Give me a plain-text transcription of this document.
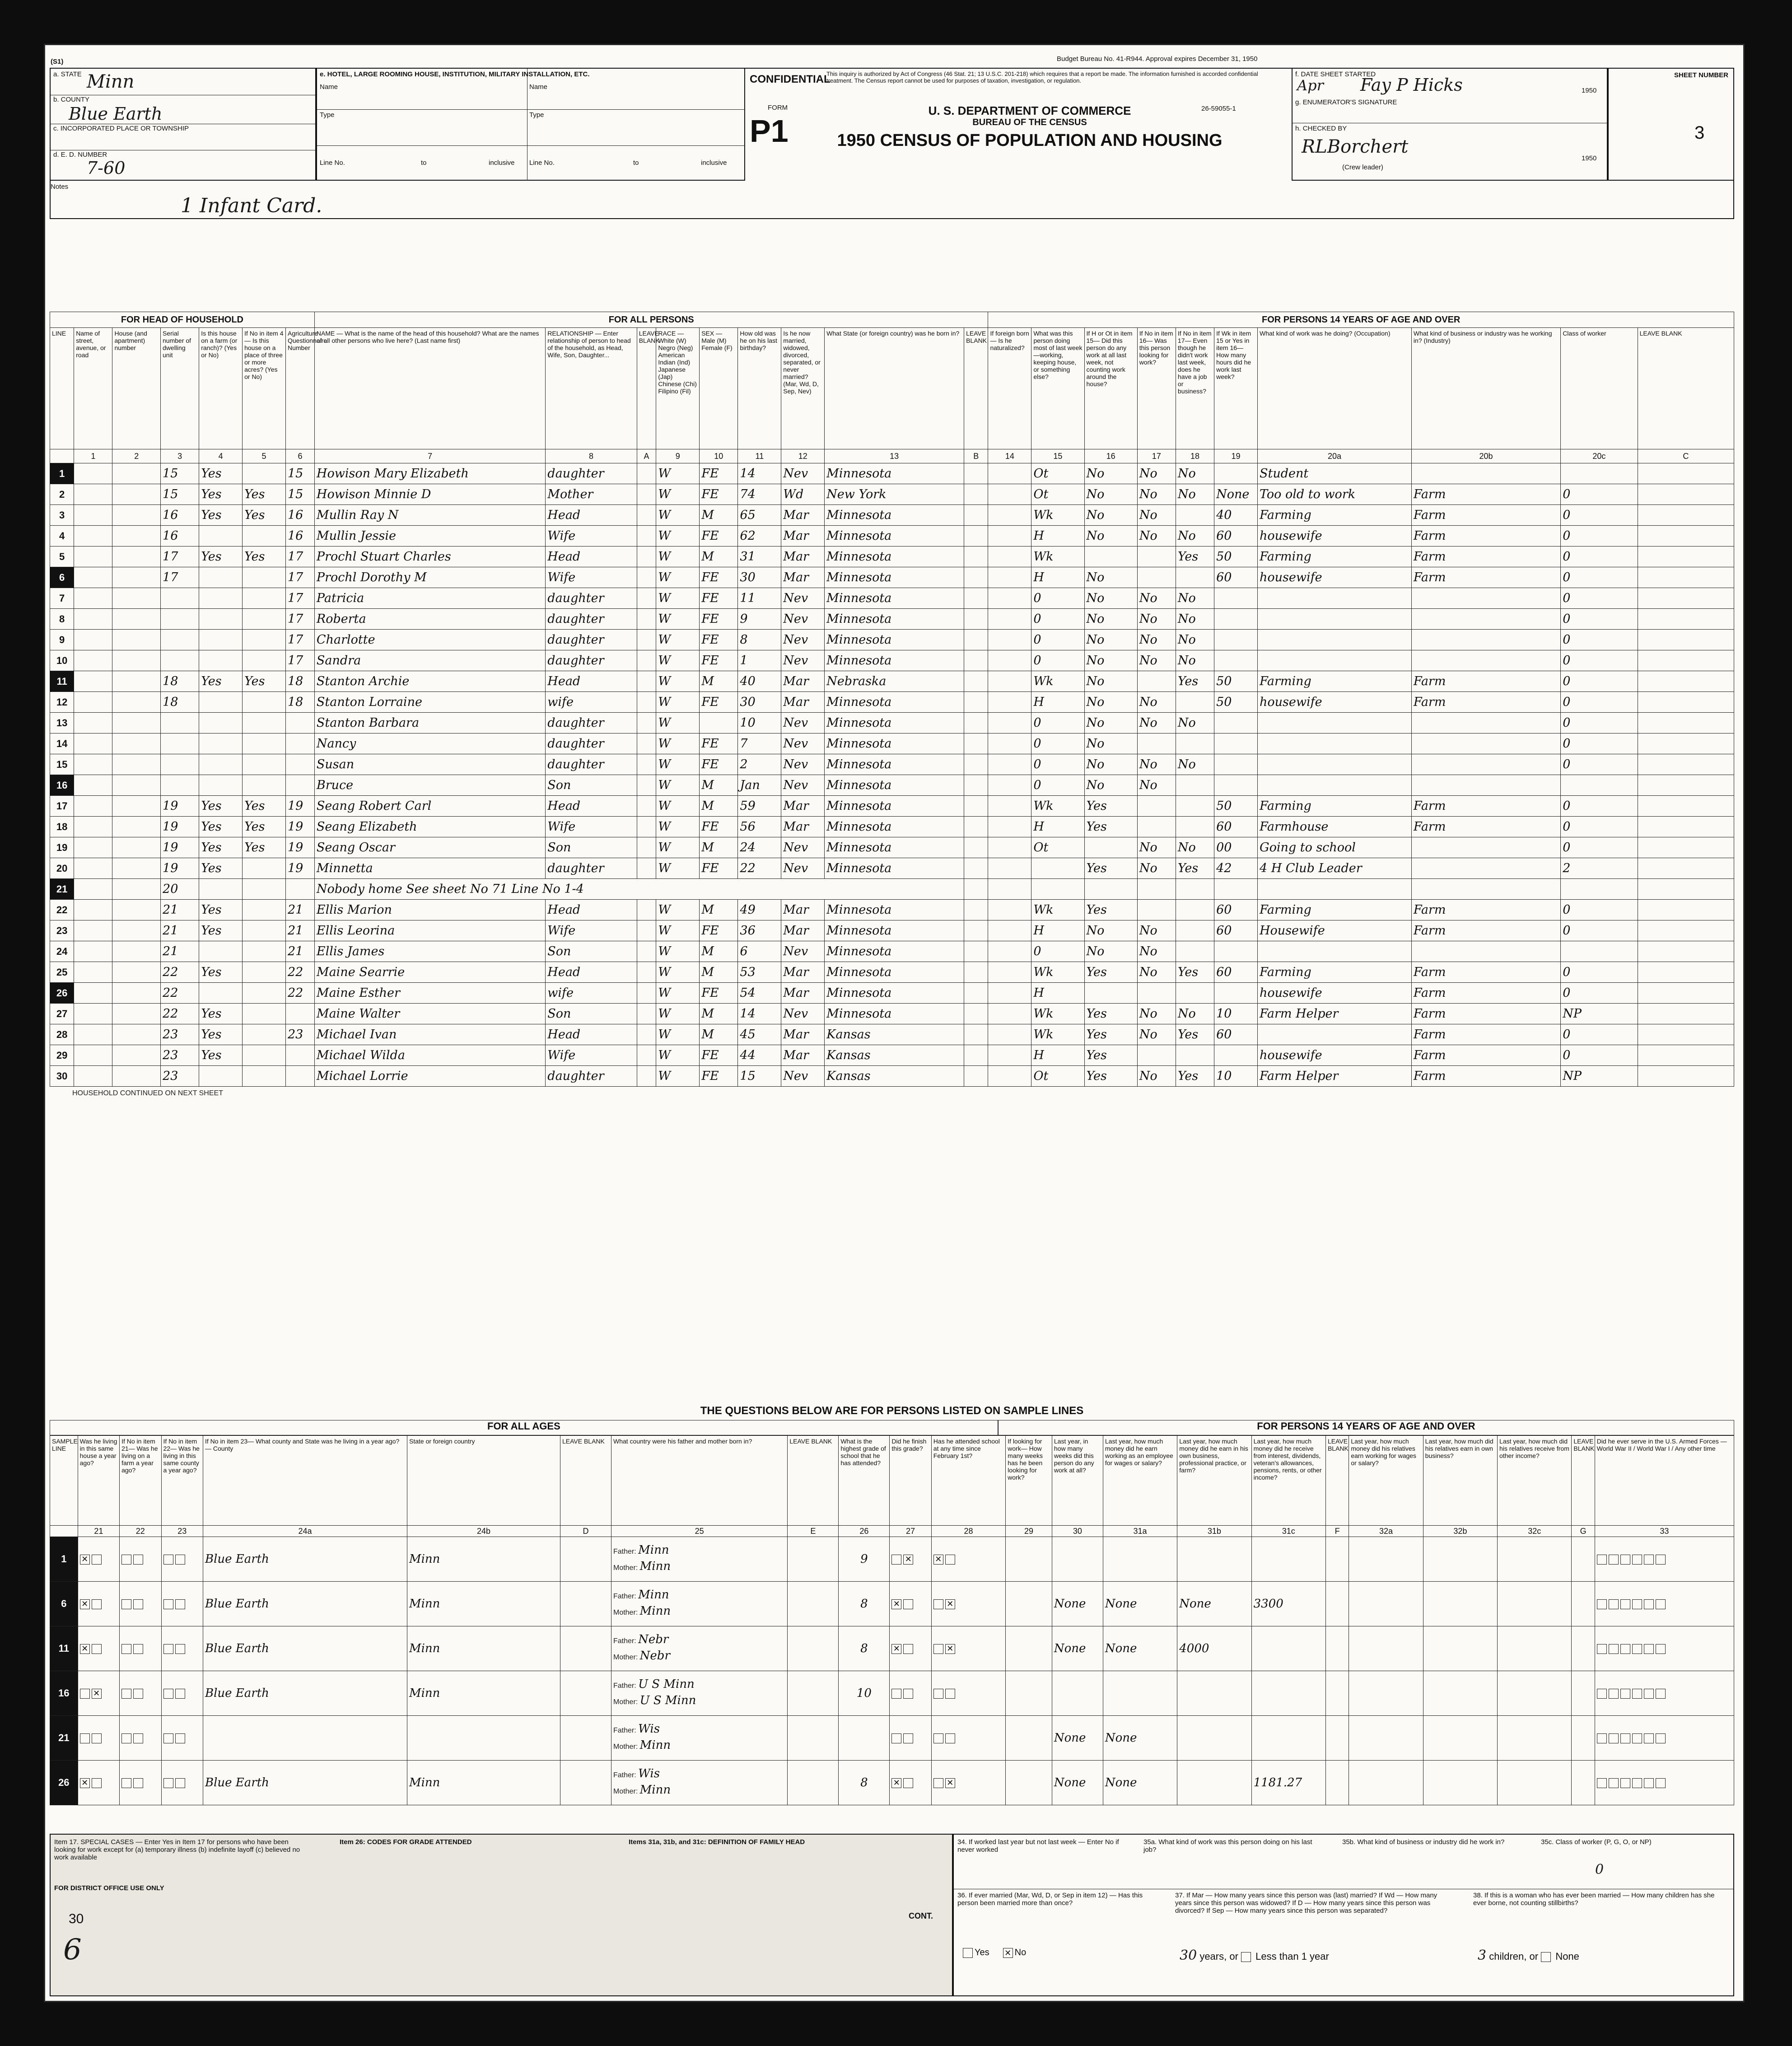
Budget Bureau No. 41-R944. Approval expires December 31, 1950
(S1)
a. STATE Minn
b. COUNTY
Blue Earth
c. INCORPORATED PLACE OR TOWNSHIP
d. E. D. NUMBER
7-60
e. HOTEL, LARGE ROOMING HOUSE, INSTITUTION, MILITARY INSTALLATION, ETC.
Name	Name
Type	Type
Line No.	to	inclusive Line No.	to	inclusive
CONFIDENTIAL
This inquiry is authorized by Act of Congress (46 Stat. 21; 13 U.S.C. 201-218) which requires that a report be made. The information furnished is accorded confidential treatment. The Census report cannot be used for purposes of taxation, investigation, or regulation.
FORM
P1
U. S. DEPARTMENT OF COMMERCE
BUREAU OF THE CENSUS
1950 CENSUS OF POPULATION AND HOUSING
26-59055-1
f. DATE SHEET STARTED
Apr	1950
g. ENUMERATOR'S SIGNATURE
Fay P Hicks
h. CHECKED BY
RLBorchert
1950
(Crew leader)
SHEET NUMBER
3
Notes
1 Infant Card.
FOR HEAD OF HOUSEHOLD							FOR ALL PERSONS									FOR PERSONS 14 YEARS OF AGE AND OVER									
LINE	Name of street, avenue, or road	House (and apartment) number	Serial number of dwelling unit	Is this house on a farm (or ranch)? (Yes or No)	If No in item 4— Is this house on a place of three or more acres? (Yes or No)	Agriculture Questionnaire Number	NAME — What is the name of the head of this household? What are the names of all other persons who live here? (Last name first)	RELATIONSHIP — Enter relationship of person to head of the household, as Head, Wife, Son, Daughter...	LEAVE BLANK	RACE — White (W) Negro (Neg) American Indian (Ind) Japanese (Jap) Chinese (Chi) Filipino (Fil)	SEX — Male (M) Female (F)	How old was he on his last birthday?	Is he now married, widowed, divorced, separated, or never married? (Mar, Wd, D, Sep, Nev)	What State (or foreign country) was he born in?	LEAVE BLANK	If foreign born — Is he naturalized?	What was this person doing most of last week—working, keeping house, or something else?	If H or Ot in item 15— Did this person do any work at all last week, not counting work around the house?	If No in item 16— Was this person looking for work?	If No in item 17— Even though he didn't work last week, does he have a job or business?	If Wk in item 15 or Yes in item 16— How many hours did he work last week?	What kind of work was he doing? (Occupation)	What kind of business or industry was he working in? (Industry)	Class of worker	LEAVE BLANK
	1	2	3	4	5	6	7	8	A	9	10	11	12	13	B	14	15	16	17	18	19	20a	20b	20c	C
1			15	Yes		15	Howison Mary Elizabeth	daughter		W	FE	14	Nev	Minnesota			Ot	No	No	No		Student			
2			15	Yes	Yes	15	Howison Minnie D	Mother		W	FE	74	Wd	New York			Ot	No	No	No	None	Too old to work	Farm	0	
3			16	Yes	Yes	16	Mullin Ray N	Head		W	M	65	Mar	Minnesota			Wk	No	No		40	Farming	Farm	0	
4			16			16	Mullin Jessie	Wife		W	FE	62	Mar	Minnesota			H	No	No	No	60	housewife	Farm	0	
5			17	Yes	Yes	17	Prochl Stuart Charles	Head		W	M	31	Mar	Minnesota			Wk			Yes	50	Farming	Farm	0	
6			17			17	Prochl Dorothy M	Wife		W	FE	30	Mar	Minnesota			H	No			60	housewife	Farm	0	
7						17	Patricia	daughter		W	FE	11	Nev	Minnesota			0	No	No	No				0	
8						17	Roberta	daughter		W	FE	9	Nev	Minnesota			0	No	No	No				0	
9						17	Charlotte	daughter		W	FE	8	Nev	Minnesota			0	No	No	No				0	
10						17	Sandra	daughter		W	FE	1	Nev	Minnesota			0	No	No	No				0	
11			18	Yes	Yes	18	Stanton Archie	Head		W	M	40	Mar	Nebraska			Wk	No		Yes	50	Farming	Farm	0	
12			18			18	Stanton Lorraine	wife		W	FE	30	Mar	Minnesota			H	No	No		50	housewife	Farm	0	
13							Stanton Barbara	daughter		W		10	Nev	Minnesota			0	No	No	No				0	
14							Nancy	daughter		W	FE	7	Nev	Minnesota			0	No						0	
15							Susan	daughter		W	FE	2	Nev	Minnesota			0	No	No	No				0	
16							Bruce	Son		W	M	Jan	Nev	Minnesota			0	No	No						
17			19	Yes	Yes	19	Seang Robert Carl	Head		W	M	59	Mar	Minnesota			Wk	Yes			50	Farming	Farm	0	
18			19	Yes	Yes	19	Seang Elizabeth	Wife		W	FE	56	Mar	Minnesota			H	Yes			60	Farmhouse	Farm	0	
19			19	Yes	Yes	19	Seang Oscar	Son		W	M	24	Nev	Minnesota			Ot		No	No	00	Going to school		0	
20			19	Yes		19	Minnetta	daughter		W	FE	22	Nev	Minnesota				Yes	No	Yes	42	4 H Club Leader		2	
21			20				Nobody home See sheet No 71 Line No 1-4																		
22			21	Yes		21	Ellis Marion	Head		W	M	49	Mar	Minnesota			Wk	Yes			60	Farming	Farm	0	
23			21	Yes		21	Ellis Leorina	Wife		W	FE	36	Mar	Minnesota			H	No	No		60	Housewife	Farm	0	
24			21			21	Ellis James	Son		W	M	6	Nev	Minnesota			0	No	No						
25			22	Yes		22	Maine Searrie	Head		W	M	53	Mar	Minnesota			Wk	Yes	No	Yes	60	Farming	Farm	0	
26			22			22	Maine Esther	wife		W	FE	54	Mar	Minnesota			H					housewife	Farm	0	
27			22	Yes			Maine Walter	Son		W	M	14	Nev	Minnesota			Wk	Yes	No	No	10	Farm Helper	Farm	NP	
28			23	Yes		23	Michael Ivan	Head		W	M	45	Mar	Kansas			Wk	Yes	No	Yes	60		Farm	0	
29			23	Yes			Michael Wilda	Wife		W	FE	44	Mar	Kansas			H	Yes				housewife	Farm	0	
30			23				Michael Lorrie	daughter		W	FE	15	Nev	Kansas			Ot	Yes	No	Yes	10	Farm Helper	Farm	NP	
HOUSEHOLD CONTINUED ON NEXT SHEET
THE QUESTIONS BELOW ARE FOR PERSONS LISTED ON SAMPLE LINES
FOR ALL AGES	FOR PERSONS 14 YEARS OF AGE AND OVER
SAMPLE LINE	Was he living in this same house a year ago?	If No in item 21— Was he living on a farm a year ago?	If No in item 22— Was he living in this same county a year ago?	If No in item 23— What county and State was he living in a year ago? — County	State or foreign country	LEAVE BLANK	What country were his father and mother born in?	LEAVE BLANK	What is the highest grade of school that he has attended?	Did he finish this grade?	Has he attended school at any time since February 1st?	If looking for work— How many weeks has he been looking for work?	Last year, in how many weeks did this person do any work at all?	Last year, how much money did he earn working as an employee for wages or salary?	Last year, how much money did he earn in his own business, professional practice, or farm?	Last year, how much money did he receive from interest, dividends, veteran's allowances, pensions, rents, or other income?	LEAVE BLANK	Last year, how much money did his relatives earn working for wages or salary?	Last year, how much did his relatives earn in own business?	Last year, how much did his relatives receive from other income?	LEAVE BLANK	Did he ever serve in the U.S. Armed Forces — World War II / World War I / Any other time
	21	22	23	24a	24b	D	25	E	26	27	28	29	30	31a	31b	31c	F	32a	32b	32c	G	33
1	✕			Blue Earth	Minn		Father: Minn
Mother: Minn		9	✕	✕											
6	✕			Blue Earth	Minn		Father: Minn
Mother: Minn		8	✕	✕		None	None	None	3300						
11	✕			Blue Earth	Minn		Father: Nebr
Mother: Nebr		8	✕	✕		None	None	4000							
16	✕			Blue Earth	Minn		Father: U S Minn
Mother: U S Minn		10													
21							Father: Wis
Mother: Minn						None	None								
26	✕			Blue Earth	Minn		Father: Wis
Mother: Minn		8	✕	✕		None	None		1181.27						
Item 17. SPECIAL CASES — Enter Yes in Item 17 for persons who have been looking for work except for (a) temporary illness (b) indefinite layoff (c) believed no work available
FOR DISTRICT OFFICE USE ONLY
30
Item 26: CODES FOR GRADE ATTENDED	Items 31a, 31b, and 31c: DEFINITION OF FAMILY HEAD
CONT.
6
34. If worked last year but not last week — Enter No if never worked
35a. What kind of work was this person doing on his last job?
35b. What kind of business or industry did he work in?	35c. Class of worker (P, G, O, or NP)
0
36. If ever married (Mar, Wd, D, or Sep in item 12) — Has this person been married more than once?
Yes ✕ No
37. If Mar — How many years since this person was (last) married? If Wd — How many years since this person was widowed? If D — How many years since this person was divorced? If Sep — How many years since this person was separated?
30 years, or Less than 1 year
38. If this is a woman who has ever been married — How many children has she ever borne, not counting stillbirths?
3 children, or None
